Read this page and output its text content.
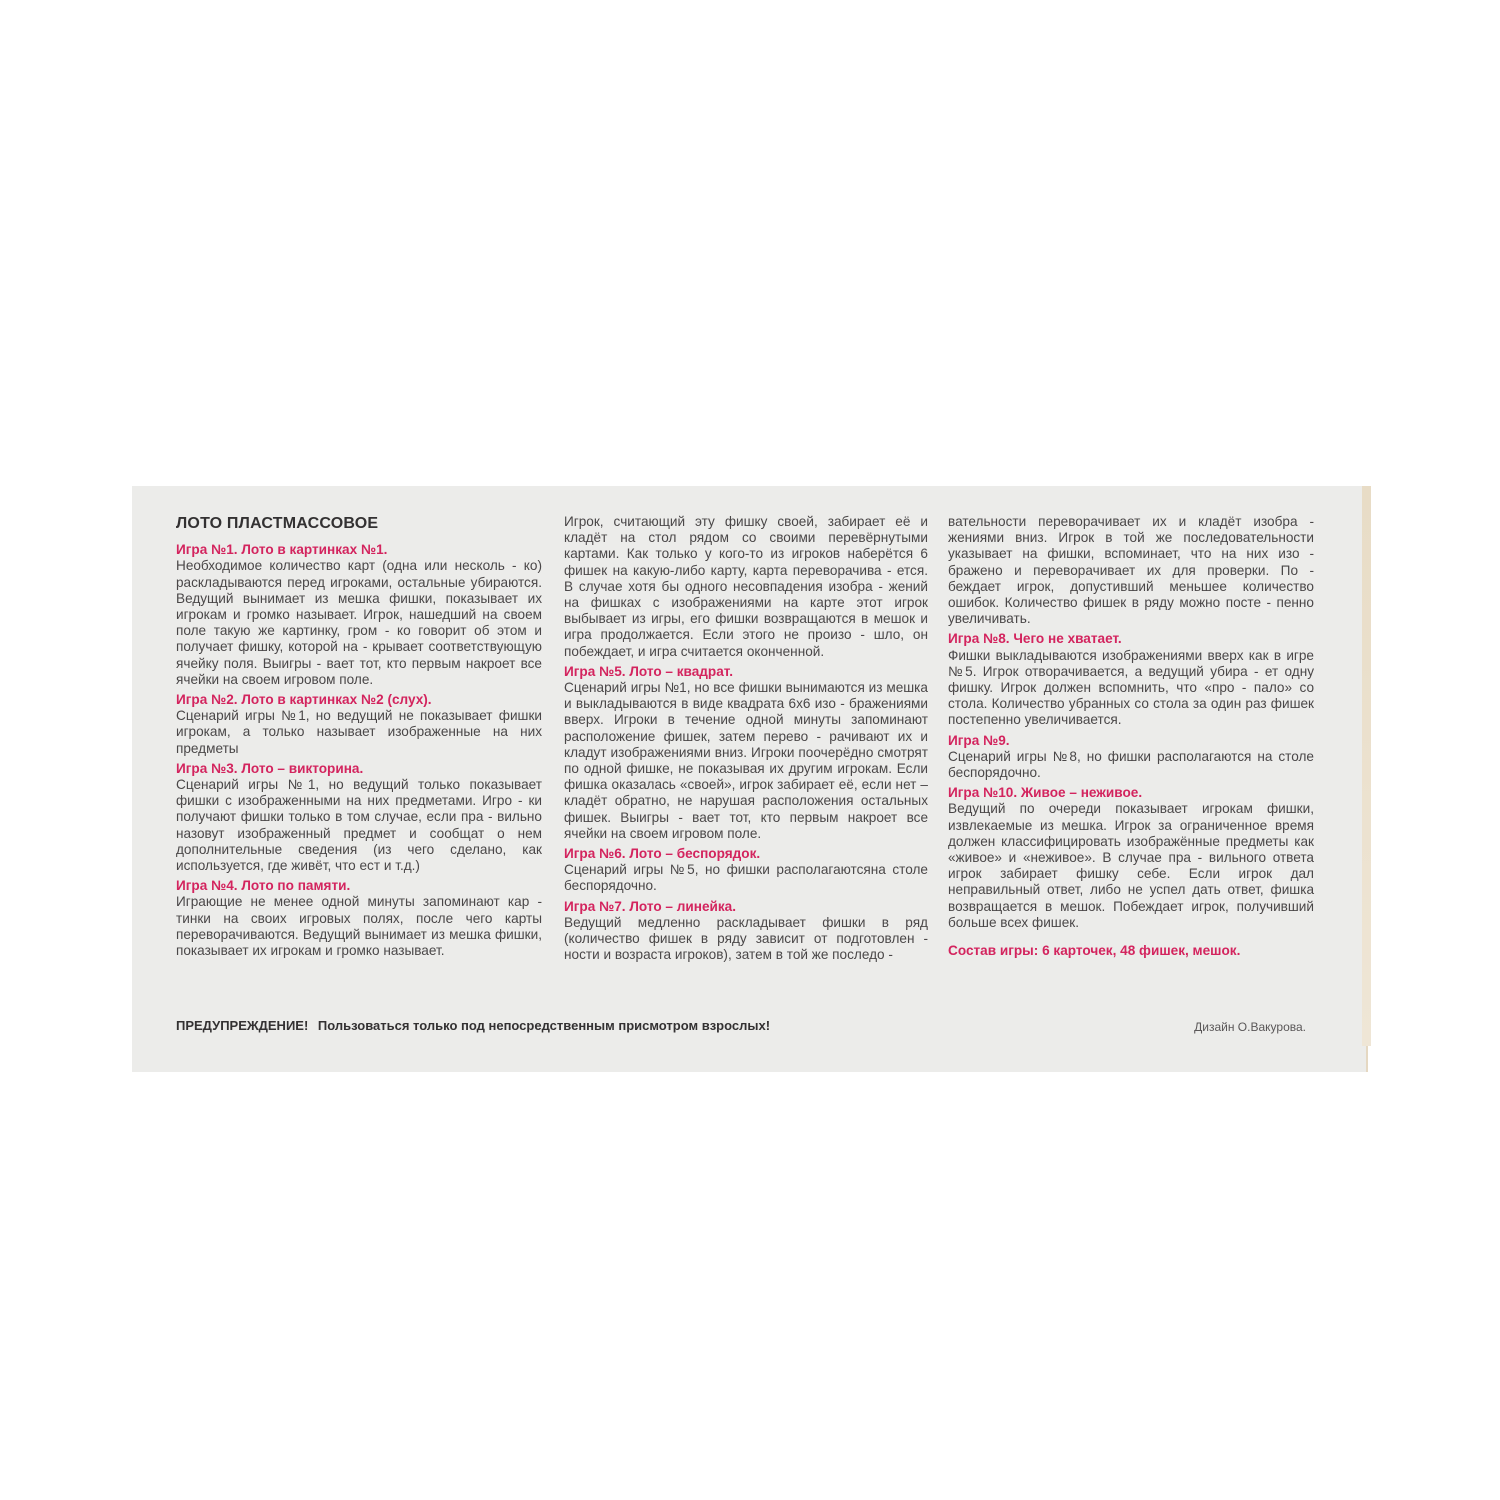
ЛОТО ПЛАСТМАССОВОЕ
Игра №1. Лото в картинках №1.
Необходимое количество карт (одна или несколь - ко) раскладываются перед игроками, остальные убираются. Ведущий вынимает из мешка фишки, показывает их игрокам и громко называет. Игрок, нашедший на своем поле такую же картинку, гром - ко говорит об этом и получает фишку, которой на - крывает соответствующую ячейку поля. Выигры - вает тот, кто первым накроет все ячейки на своем игровом поле.
Игра №2. Лото в картинках №2 (слух).
Сценарий игры №1, но ведущий не показывает фишки игрокам, а только называет изображенные на них предметы
Игра №3. Лото – викторина.
Сценарий игры №1, но ведущий только показывает фишки с изображенными на них предметами. Игро - ки получают фишки только в том случае, если пра - вильно назовут изображенный предмет и сообщат о нем дополнительные сведения (из чего сделано, как используется, где живёт, что ест и т.д.)
Игра №4. Лото по памяти.
Играющие не менее одной минуты запоминают кар - тинки на своих игровых полях, после чего карты переворачиваются. Ведущий вынимает из мешка фишки, показывает их игрокам и громко называет.
Игрок, считающий эту фишку своей, забирает её и кладёт на стол рядом со своими перевёрнутыми картами. Как только у кого-то из игроков наберётся 6 фишек на какую-либо карту, карта переворачива - ется. В случае хотя бы одного несовпадения изобра - жений на фишках с изображениями на карте этот игрок выбывает из игры, его фишки возвращаются в мешок и игра продолжается. Если этого не произо - шло, он побеждает, и игра считается оконченной.
Игра №5. Лото – квадрат.
Сценарий игры №1, но все фишки вынимаются из мешка и выкладываются в виде квадрата 6х6 изо - бражениями вверх. Игроки в течение одной минуты запоминают расположение фишек, затем перево - рачивают их и кладут изображениями вниз. Игроки поочерёдно смотрят по одной фишке, не показывая их другим игрокам. Если фишка оказалась «своей», игрок забирает её, если нет – кладёт обратно, не нарушая расположения остальных фишек. Выигры - вает тот, кто первым накроет все ячейки на своем игровом поле.
Игра №6. Лото – беспорядок.
Сценарий игры №5, но фишки располагаютсяна столе беспорядочно.
Игра №7. Лото – линейка.
Ведущий медленно раскладывает фишки в ряд (количество фишек в ряду зависит от подготовлен - ности и возраста игроков), затем в той же последо -
вательности переворачивает их и кладёт изобра - жениями вниз. Игрок в той же последовательности указывает на фишки, вспоминает, что на них изо - бражено и переворачивает их для проверки. По - беждает игрок, допустивший меньшее количество ошибок. Количество фишек в ряду можно посте - пенно увеличивать.
Игра №8. Чего не хватает.
Фишки выкладываются изображениями вверх как в игре №5. Игрок отворачивается, а ведущий убира - ет одну фишку. Игрок должен вспомнить, что «про - пало» со стола. Количество убранных со стола за один раз фишек постепенно увеличивается.
Игра №9.
Сценарий игры №8, но фишки располагаются на столе беспорядочно.
Игра №10. Живое – неживое.
Ведущий по очереди показывает игрокам фишки, извлекаемые из мешка. Игрок за ограниченное время должен классифицировать изображённые предметы как «живое» и «неживое». В случае пра - вильного ответа игрок забирает фишку себе. Если игрок дал неправильный ответ, либо не успел дать ответ, фишка возвращается в мешок. Побеждает игрок, получивший больше всех фишек.
Состав игры: 6 карточек, 48 фишек, мешок.
ПРЕДУПРЕЖДЕНИЕ! Пользоваться только под непосредственным присмотром взрослых!	Дизайн О.Вакурова.
